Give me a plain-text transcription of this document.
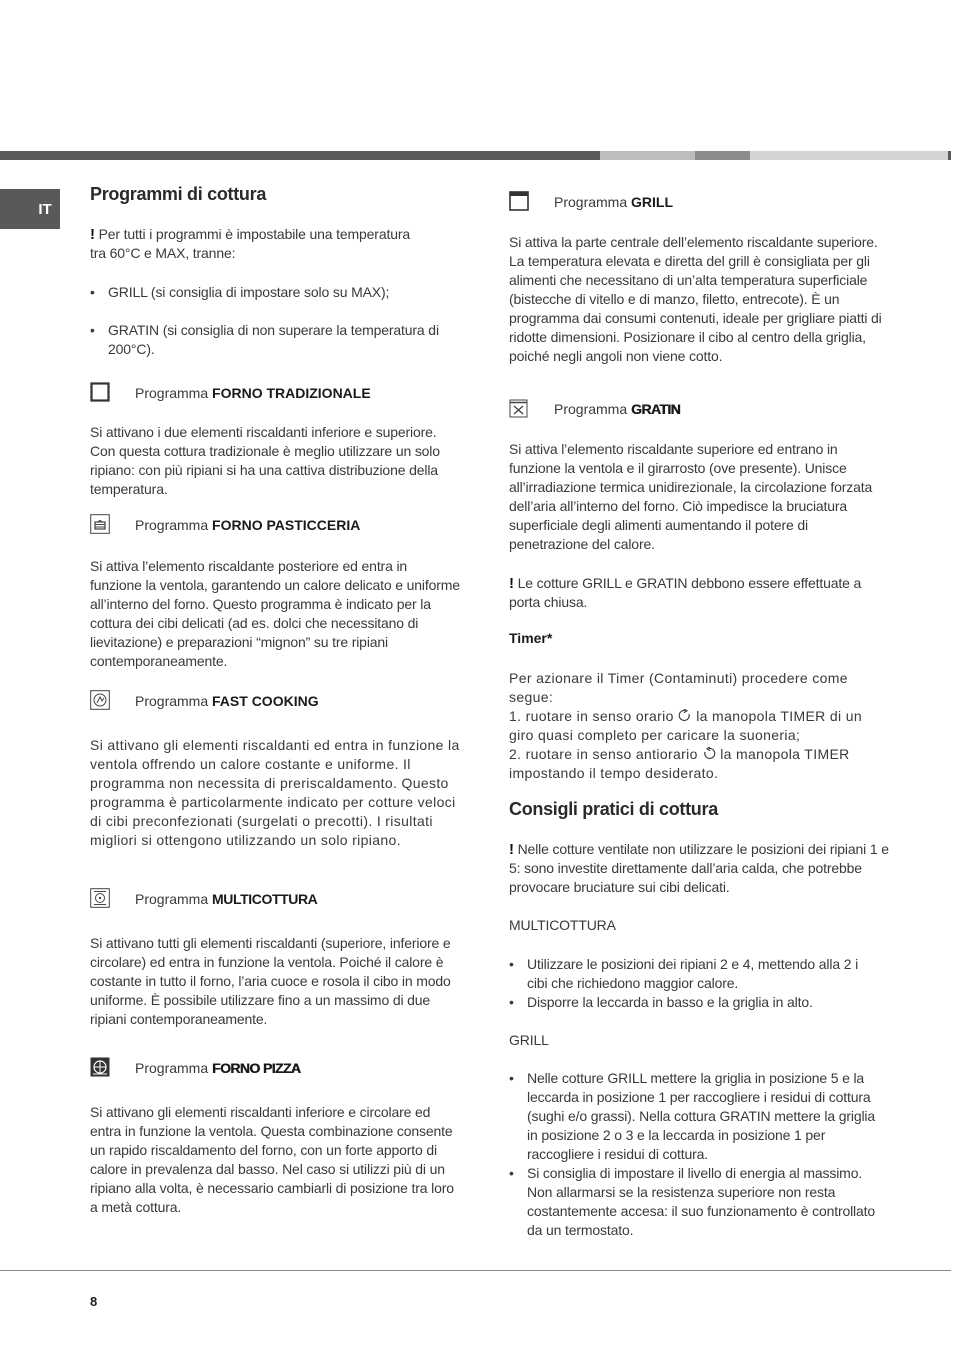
IT
Programmi di cottura
! Per tutti i programmi è impostabile una temperatura
tra 60°C e MAX, tranne:
• GRILL (si consiglia di impostare solo su MAX);
• GRATIN (si consiglia di non superare la temperatura di 200°C).
Programma FORNO TRADIZIONALE

Si attivano i due elementi riscaldanti inferiore e superiore. Con questa cottura tradizionale è meglio utilizzare un solo ripiano: con più ripiani si ha una cattiva distribuzione della temperatura.

Programma FORNO PASTICCERIA

Si attiva l’elemento riscaldante posteriore ed entra in funzione la ventola, garantendo un calore delicato e uniforme all’interno del forno. Questo programma è indicato per la cottura dei cibi delicati (ad es. dolci che necessitano di lievitazione) e preparazioni “mignon” su tre ripiani contemporaneamente.

Programma FAST COOKING

Si attivano gli elementi riscaldanti ed entra in funzione la ventola offrendo un calore costante e uniforme. Il programma non necessita di preriscaldamento. Questo programma è particolarmente indicato per cotture veloci di cibi preconfezionati (surgelati o precotti). I risultati migliori si ottengono utilizzando un solo ripiano.

Programma MULTICOTTURA

Si attivano tutti gli elementi riscaldanti (superiore, inferiore e circolare) ed entra in funzione la ventola. Poiché il calore è costante in tutto il forno, l’aria cuoce e rosola il cibo in modo uniforme. È possibile utilizzare fino a un massimo di due ripiani contemporaneamente.

Programma FORNO PIZZA

Si attivano gli elementi riscaldanti inferiore e circolare ed entra in funzione la ventola. Questa combinazione consente un rapido riscaldamento del forno, con un forte apporto di calore in prevalenza dal basso. Nel caso si utilizzi più di un ripiano alla volta, è necessario cambiarli di posizione tra loro a metà cottura.

Programma GRILL

Si attiva la parte centrale dell’elemento riscaldante superiore. La temperatura elevata e diretta del grill è consigliata per gli alimenti che necessitano di un’alta temperatura superficiale (bistecche di vitello e di manzo, filetto, entrecote). È un programma dai consumi contenuti, ideale per grigliare piatti di ridotte dimensioni. Posizionare il cibo al centro della griglia, poiché negli angoli non viene cotto.

Programma GRATIN

Si attiva l’elemento riscaldante superiore ed entrano in funzione la ventola e il girarrosto (ove presente). Unisce all’irradiazione termica unidirezionale, la circolazione forzata dell’aria all’interno del forno. Ciò impedisce la bruciatura superficiale degli alimenti aumentando il potere di penetrazione del calore.

! Le cotture GRILL e GRATIN debbono essere effettuate a porta chiusa.

Timer*
Per azionare il Timer (Contaminuti) procedere come
segue:
1. ruotare in senso orario  la manopola TIMER di un
giro quasi completo per caricare la suoneria;
2. ruotare in senso antiorario  la manopola TIMER
impostando il tempo desiderato.
Consigli pratici di cottura

! Nelle cotture ventilate non utilizzare le posizioni dei ripiani 1 e 5: sono investite direttamente dall’aria calda, che potrebbe provocare bruciature sui cibi delicati.

MULTICOTTURA
• Utilizzare le posizioni dei ripiani 2 e 4, mettendo alla 2 i cibi che richiedono maggior calore.
• Disporre la leccarda in basso e la griglia in alto.
GRILL
• Nelle cotture GRILL mettere la griglia in posizione 5 e la leccarda in posizione 1 per raccogliere i residui di cottura (sughi e/o grassi). Nella cottura GRATIN mettere la griglia in posizione 2 o 3 e la leccarda in posizione 1 per raccogliere i residui di cottura.
• Si consiglia di impostare il livello di energia al massimo. Non allarmarsi se la resistenza superiore non resta costantemente accesa: il suo funzionamento è controllato da un termostato.
8
